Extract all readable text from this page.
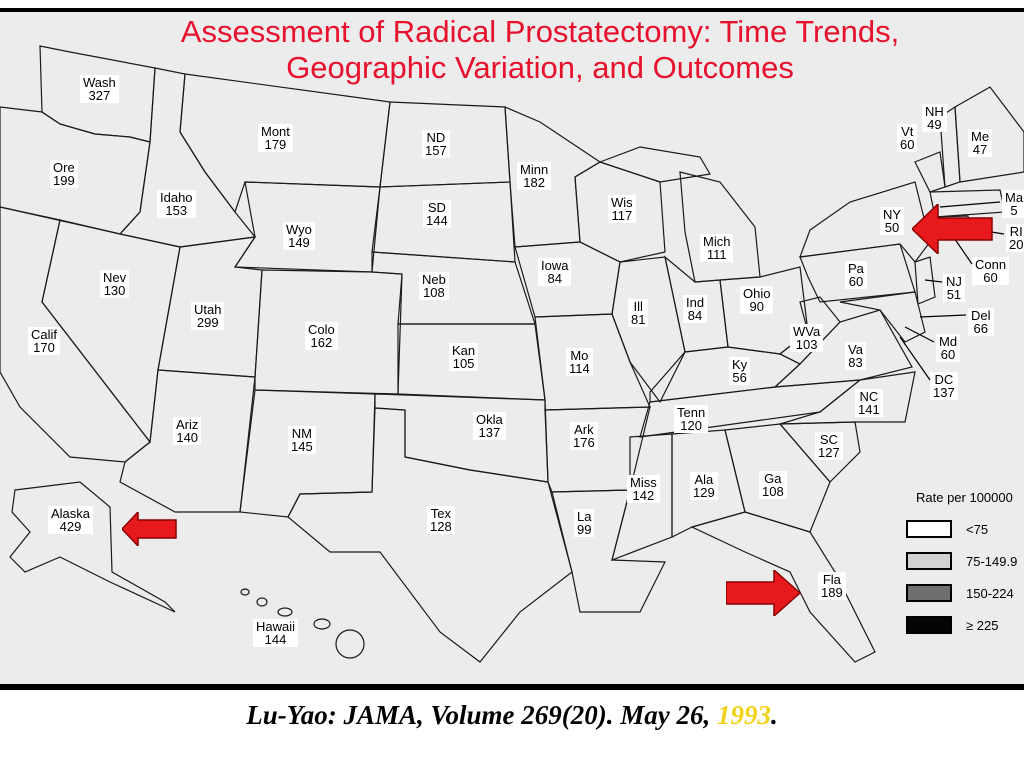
Wash
327
Ore
199
Calif
170
Idaho
153
Nev
130
Mont
179
Wyo
149
Utah
299
Ariz
140
Colo
162
NM
145
ND
157
SD
144
Neb
108
Kan
105
Okla
137
Tex
128
Minn
182
Iowa
84
Mo
114
Ark
176
La
99
Wis
117
Ill
81
Mich
111
Ind
84
Ohio
90
Ky
56
Tenn
120
Miss
142
Ala
129
Ga
108
Fla
189
SC
127
NC
141
Va
83
WVa
103
Pa
60
NY
50
Vt
60
NH
49
Me
47
Ma
5
RI
20
Conn
60
NJ
51
Del
66
Md
60
DC
137
Alaska
429
Hawaii
144
Rate per 100000
<75
75-149.9
150-224
≥ 225
Assessment of Radical Prostatectomy: Time Trends, Geographic Variation, and Outcomes
Lu-Yao: JAMA, Volume 269(20). May 26, 1993.
